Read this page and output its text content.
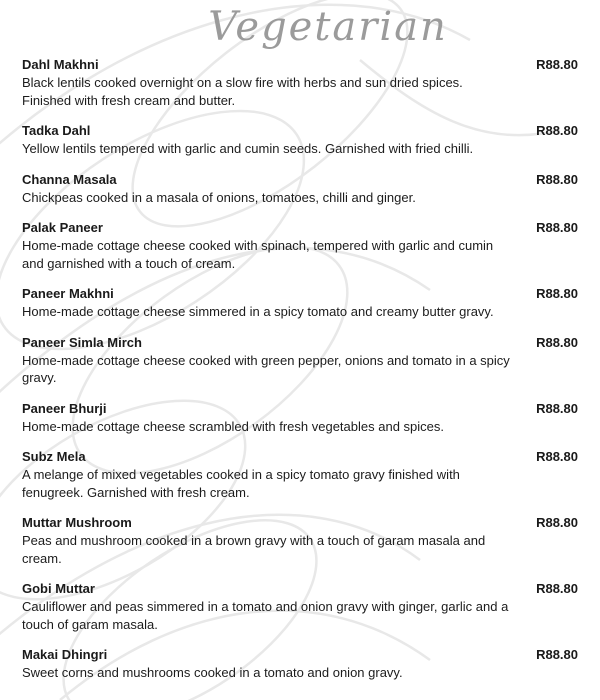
Vegetarian
Dahl Makhni	R88.80
Black lentils cooked overnight on a slow fire with herbs and sun dried spices. Finished with fresh cream and butter.
Tadka Dahl	R88.80
Yellow lentils tempered with garlic and cumin seeds. Garnished with fried chilli.
Channa Masala	R88.80
Chickpeas cooked in a masala of onions, tomatoes, chilli and ginger.
Palak Paneer	R88.80
Home-made cottage cheese cooked with spinach, tempered with garlic and cumin and garnished with a touch of cream.
Paneer Makhni	R88.80
Home-made cottage cheese simmered in a spicy tomato and creamy butter gravy.
Paneer Simla Mirch	R88.80
Home-made cottage cheese cooked with green pepper, onions and tomato in a spicy gravy.
Paneer Bhurji	R88.80
Home-made cottage cheese scrambled with fresh vegetables and spices.
Subz Mela	R88.80
A melange of mixed vegetables cooked in a spicy tomato gravy finished with fenugreek. Garnished with fresh cream.
Muttar Mushroom	R88.80
Peas and mushroom cooked in a brown gravy with a touch of garam masala and cream.
Gobi Muttar	R88.80
Cauliflower and peas simmered in a tomato and onion gravy with ginger, garlic and a touch of garam masala.
Makai Dhingri	R88.80
Sweet corns and mushrooms cooked in a tomato and onion gravy.
